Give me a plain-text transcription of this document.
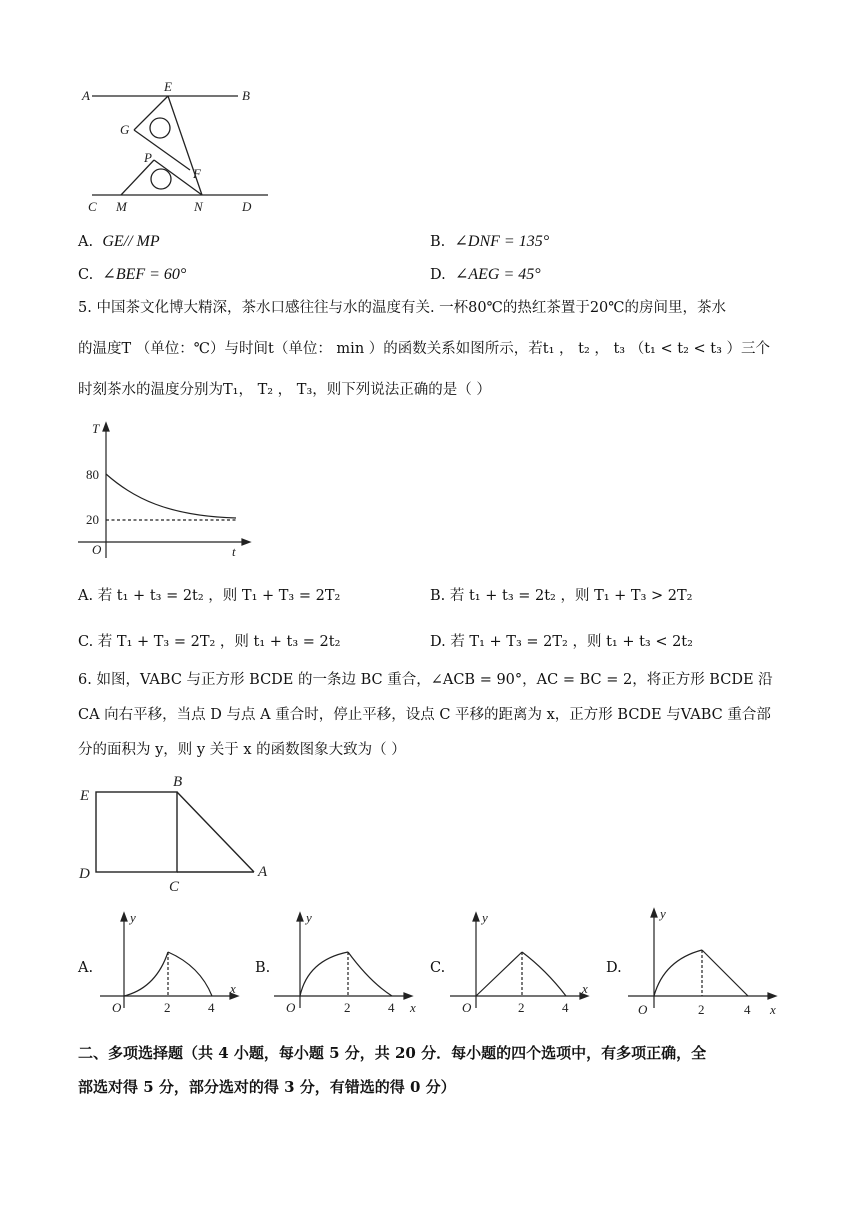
A
E
B
G
P
F
C M	N	D
A. GE// MP	B. ∠DNF = 135°
C. ∠BEF = 60°	D. ∠AEG = 45°
5. 中国茶文化博大精深，茶水口感往往与水的温度有关. 一杯80℃的热红茶置于20℃的房间里，茶水
的温度T （单位：℃）与时间t（单位： min ）的函数关系如图所示，若t₁ ， t₂ ， t₃ （t₁ < t₂ < t₃ ）三个
时刻茶水的温度分别为T₁， T₂ ， T₃，则下列说法正确的是（ ）
T
t
O
80
20
A. 若 t₁ + t₃ = 2t₂ ，则 T₁ + T₃ = 2T₂	B. 若 t₁ + t₃ = 2t₂ ，则 T₁ + T₃ > 2T₂
C. 若 T₁ + T₃ = 2T₂ ，则 t₁ + t₃ = 2t₂	D. 若 T₁ + T₃ = 2T₂ ，则 t₁ + t₃ < 2t₂
6. 如图，VABC 与正方形 BCDE 的一条边 BC 重合，∠ACB = 90°，AC = BC = 2，将正方形 BCDE 沿
CA 向右平移，当点 D 与点 A 重合时，停止平移，设点 C 平移的距离为 x，正方形 BCDE 与VABC 重合部
分的面积为 y，则 y 关于 x 的函数图象大致为（ ）
E
B
D
C
A
A.
y
x
O	2	4
B.
y
x
O	2	4
C.
y
x
O	2	4
D.
y
x
O	2	4
二、多项选择题（共 4 小题，每小题 5 分，共 20 分．每小题的四个选项中，有多项正确，全
部选对得 5 分，部分选对的得 3 分，有错选的得 0 分）
